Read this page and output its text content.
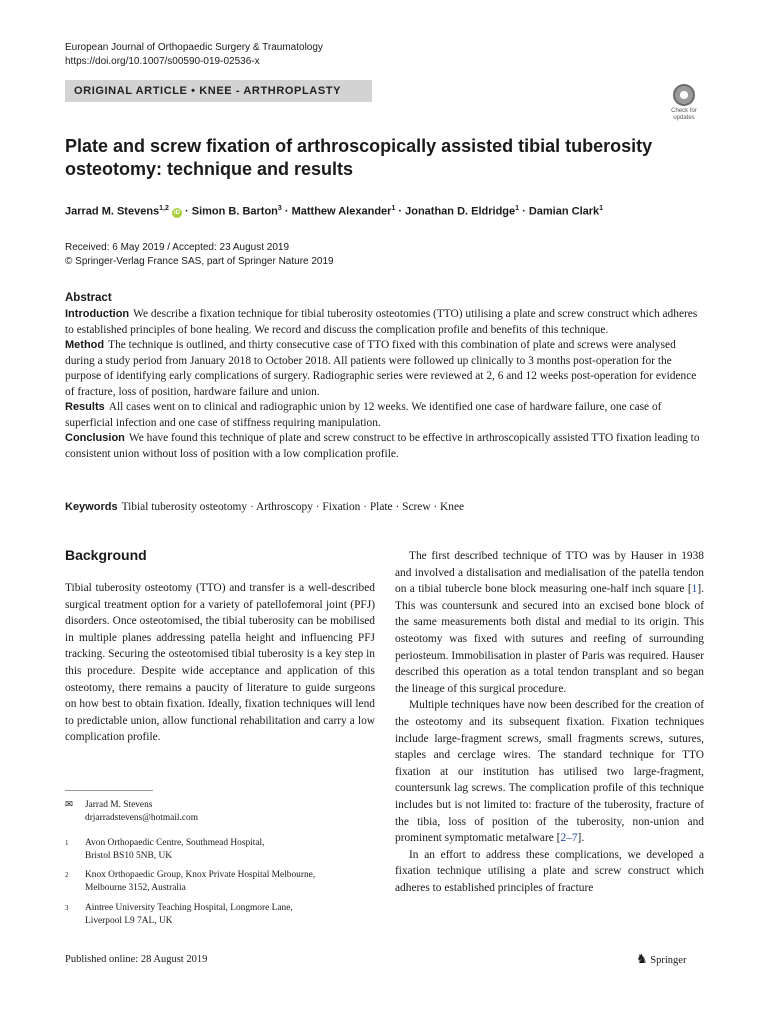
European Journal of Orthopaedic Surgery & Traumatology
https://doi.org/10.1007/s00590-019-02536-x
ORIGINAL ARTICLE • KNEE - ARTHROPLASTY
Check for updates
Plate and screw fixation of arthroscopically assisted tibial tuberosity osteotomy: technique and results
Jarrad M. Stevens$^{1,2}$ iD · Simon B. Barton$^3$ · Matthew Alexander$^1$ · Jonathan D. Eldridge$^1$ · Damian Clark$^1$
Received: 6 May 2019 / Accepted: 23 August 2019
© Springer-Verlag France SAS, part of Springer Nature 2019
Abstract

Introduction We describe a fixation technique for tibial tuberosity osteotomies (TTO) utilising a plate and screw construct which adheres to established principles of bone healing. We record and discuss the complication profile and benefits of this technique.

Method The technique is outlined, and thirty consecutive case of TTO fixed with this combination of plate and screws were analysed during a study period from January 2018 to October 2018. All patients were followed up clinically to 3 months post-operation for the purpose of identifying early complications of surgery. Radiographic series were reviewed at 2, 6 and 12 weeks post-operation for evidence of fracture, loss of position, hardware failure and union.

Results All cases went on to clinical and radiographic union by 12 weeks. We identified one case of hardware failure, one case of superficial infection and one case of stiffness requiring manipulation.

Conclusion We have found this technique of plate and screw construct to be effective in arthroscopically assisted TTO fixation leading to consistent union without loss of position with a low complication profile.

Keywords Tibial tuberosity osteotomy · Arthroscopy · Fixation · Plate · Screw · Knee
Background

Tibial tuberosity osteotomy (TTO) and transfer is a well-described surgical treatment option for a variety of patellofemoral joint (PFJ) disorders. Once osteotomised, the tibial tuberosity can be mobilised in multiple planes addressing patella height and influencing PFJ tracking. Securing the osteotomised tibial tuberosity is a key step in this procedure. Despite wide acceptance and application of this osteotomy, there remains a paucity of literature to guide surgeons on how best to obtain fixation. Ideally, fixation techniques will lend to predictable union, allow functional rehabilitation and carry a low complication profile.

The first described technique of TTO was by Hauser in 1938 and involved a distalisation and medialisation of the patella tendon on a tibial tubercle bone block measuring one-half inch square [1]. This was countersunk and secured into an excised bone block of the same measurements both distal and medial to its origin. This osteotomy was fixed with sutures and reefing of surrounding periosteum. Immobilisation in plaster of Paris was required. Hauser described this operation as a total tendon transplant and so began the lineage of this surgical procedure.

Multiple techniques have now been described for the creation of the osteotomy and its subsequent fixation. Fixation techniques include large-fragment screws, small fragments screws, sutures, staples and cerclage wires. The standard technique for TTO fixation at our institution has utilised two large-fragment, countersunk lag screws. The complication profile of this technique includes but is not limited to: fracture of the tuberosity, fracture of the tibia, loss of position of the tuberosity, non-union and prominent symptomatic metalware [2–7].

In an effort to address these complications, we developed a fixation technique utilising a plate and screw construct which adheres to established principles of fracture

✉ Jarrad M. Stevens
drjarradstevens@hotmail.com
1 Avon Orthopaedic Centre, Southmead Hospital,
Bristol BS10 5NB, UK
2 Knox Orthopaedic Group, Knox Private Hospital Melbourne,
Melbourne 3152, Australia
3 Aintree University Teaching Hospital, Longmore Lane,
Liverpool L9 7AL, UK
Published online: 28 August 2019	♞ Springer
